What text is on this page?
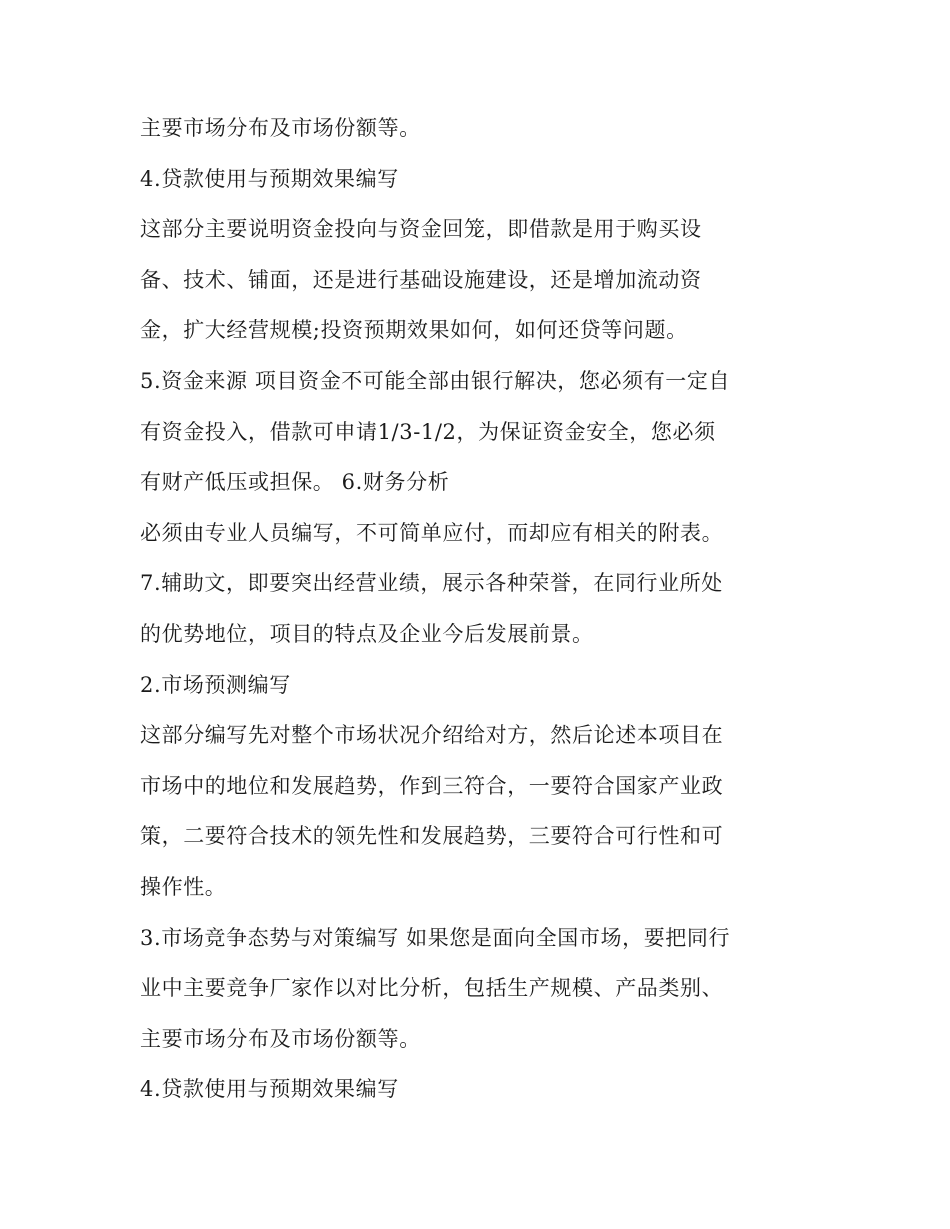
主要市场分布及市场份额等。

4.贷款使用与预期效果编写

这部分主要说明资金投向与资金回笼，即借款是用于购买设

备、技术、铺面，还是进行基础设施建设，还是增加流动资

金，扩大经营规模;投资预期效果如何，如何还贷等问题。

5.资金来源 项目资金不可能全部由银行解决，您必须有一定自

有资金投入，借款可申请1/3-1/2，为保证资金安全，您必须

有财产低压或担保。 6.财务分析

必须由专业人员编写，不可简单应付，而却应有相关的附表。

7.辅助文，即要突出经营业绩，展示各种荣誉，在同行业所处

的优势地位，项目的特点及企业今后发展前景。

2.市场预测编写

这部分编写先对整个市场状况介绍给对方，然后论述本项目在

市场中的地位和发展趋势，作到三符合，一要符合国家产业政

策，二要符合技术的领先性和发展趋势，三要符合可行性和可

操作性。

3.市场竞争态势与对策编写 如果您是面向全国市场，要把同行

业中主要竞争厂家作以对比分析，包括生产规模、产品类别、

主要市场分布及市场份额等。

4.贷款使用与预期效果编写
